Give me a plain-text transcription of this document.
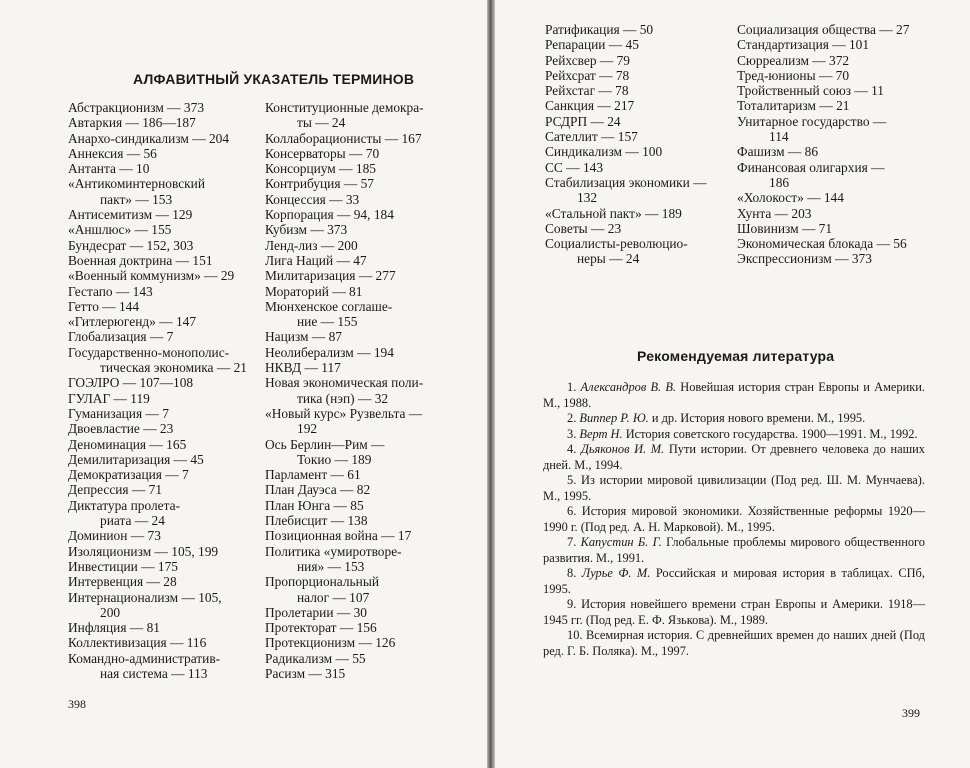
АЛФАВИТНЫЙ УКАЗАТЕЛЬ ТЕРМИНОВ
Абстракционизм — 373
Автаркия — 186—187
Анархо-синдикализм — 204
Аннексия — 56
Антанта — 10
«Антикоминтерновский
пакт» — 153
Антисемитизм — 129
«Аншлюс» — 155
Бундесрат — 152, 303
Военная доктрина — 151
«Военный коммунизм» — 29
Гестапо — 143
Гетто — 144
«Гитлерюгенд» — 147
Глобализация — 7
Государственно-монополис-
тическая экономика — 21
ГОЭЛРО — 107—108
ГУЛАГ — 119
Гуманизация — 7
Двоевластие — 23
Деноминация — 165
Демилитаризация — 45
Демократизация — 7
Депрессия — 71
Диктатура пролета-
риата — 24
Доминион — 73
Изоляционизм — 105, 199
Инвестиции — 175
Интервенция — 28
Интернационализм — 105,
200
Инфляция — 81
Коллективизация — 116
Командно-административ-
ная система — 113
Конституционные демокра-
ты — 24
Коллаборационисты — 167
Консерваторы — 70
Консорциум — 185
Контрибуция — 57
Концессия — 33
Корпорация — 94, 184
Кубизм — 373
Ленд-лиз — 200
Лига Наций — 47
Милитаризация — 277
Мораторий — 81
Мюнхенское соглаше-
ние — 155
Нацизм — 87
Неолиберализм — 194
НКВД — 117
Новая экономическая поли-
тика (нэп) — 32
«Новый курс» Рузвельта —
192
Ось Берлин—Рим —
Токио — 189
Парламент — 61
План Дауэса — 82
План Юнга — 85
Плебисцит — 138
Позиционная война — 17
Политика «умиротворе-
ния» — 153
Пропорциональный
налог — 107
Пролетарии — 30
Протекторат — 156
Протекционизм — 126
Радикализм — 55
Расизм — 315
398
Ратификация — 50
Репарации — 45
Рейхсвер — 79
Рейхсрат — 78
Рейхстаг — 78
Санкция — 217
РСДРП — 24
Сателлит — 157
Синдикализм — 100
СС — 143
Стабилизация экономики —
132
«Стальной пакт» — 189
Советы — 23
Социалисты-революцио-
неры — 24
Социализация общества — 27
Стандартизация — 101
Сюрреализм — 372
Тред-юнионы — 70
Тройственный союз — 11
Тоталитаризм — 21
Унитарное государство —
114
Фашизм — 86
Финансовая олигархия —
186
«Холокост» — 144
Хунта — 203
Шовинизм — 71
Экономическая блокада — 56
Экспрессионизм — 373
Рекомендуемая литература
399
1. Александров В. В. Новейшая история стран Европы и Америки. М., 1988.
2. Виппер Р. Ю. и др. История нового времени. М., 1995.
3. Верт Н. История советского государства. 1900—1991. М., 1992.
4. Дьяконов И. М. Пути истории. От древнего человека до наших дней. М., 1994.
5. Из истории мировой цивилизации (Под ред. Ш. М. Мунчаева). М., 1995.
6. История мировой экономики. Хозяйственные реформы 1920—1990 г. (Под ред. А. Н. Марковой). М., 1995.
7. Капустин Б. Г. Глобальные проблемы мирового общественного развития. М., 1991.
8. Лурье Ф. М. Российская и мировая история в таблицах. СПб, 1995.
9. История новейшего времени стран Европы и Америки. 1918—1945 гг. (Под ред. Е. Ф. Язькова). М., 1989.
10. Всемирная история. С древнейших времен до наших дней (Под ред. Г. Б. Поляка). М., 1997.
